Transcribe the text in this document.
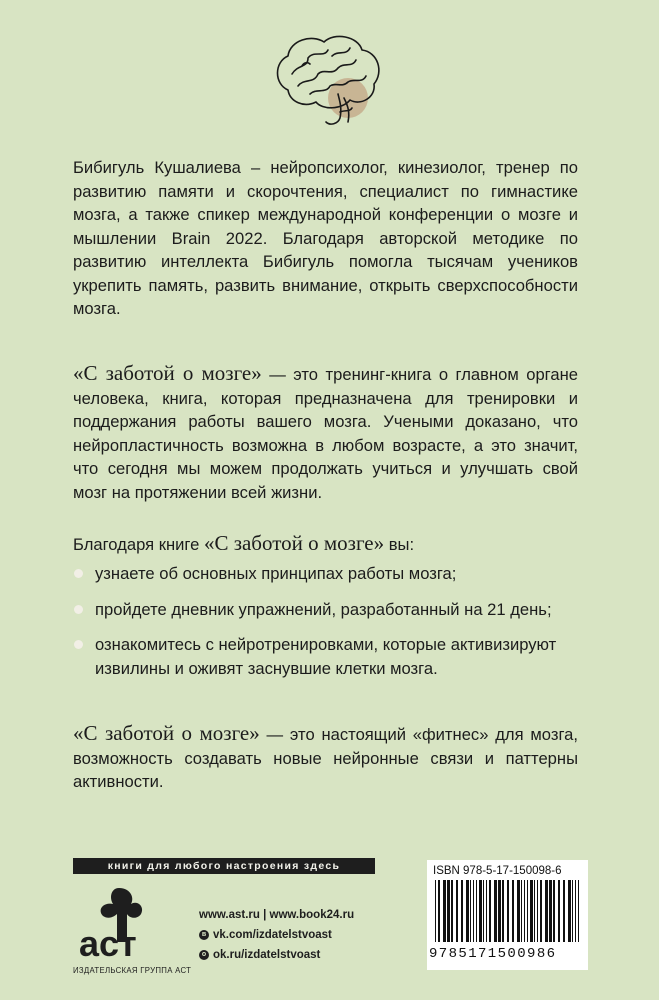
Бибигуль Кушалиева – нейропсихолог, кинезиолог, тренер по развитию памяти и скорочтения, специалист по гимнастике мозга, а также спикер международной конференции о мозге и мышлении Brain 2022. Благодаря авторской методике по развитию интеллекта Бибигуль помогла тысячам учеников укрепить память, развить внимание, открыть сверхспособности мозга.

«С заботой о мозге» — это тренинг-книга о главном органе человека, книга, которая предназначена для тренировки и поддержания работы вашего мозга. Учеными доказано, что нейропластичность возможна в любом возрасте, а это значит, что сегодня мы можем продолжать учиться и улучшать свой мозг на протяжении всей жизни.

Благодаря книге «С заботой о мозге» вы:

узнаете об основных принципах работы мозга;
пройдете дневник упражнений, разработанный на 21 день;
ознакомитесь с нейротренировками, которые активизируют извилины и оживят заснувшие клетки мозга.

«С заботой о мозге» — это настоящий «фитнес» для мозга, возможность создавать новые нейронные связи и паттерны активности.

книги для любого настроения здесь
аст
ИЗДАТЕЛЬСКАЯ ГРУППА АСТ
www.ast.ru | www.book24.ru
в vk.com/izdatelstvoast
о ok.ru/izdatelstvoast
ISBN 978-5-17-150098-6
9785171500986
